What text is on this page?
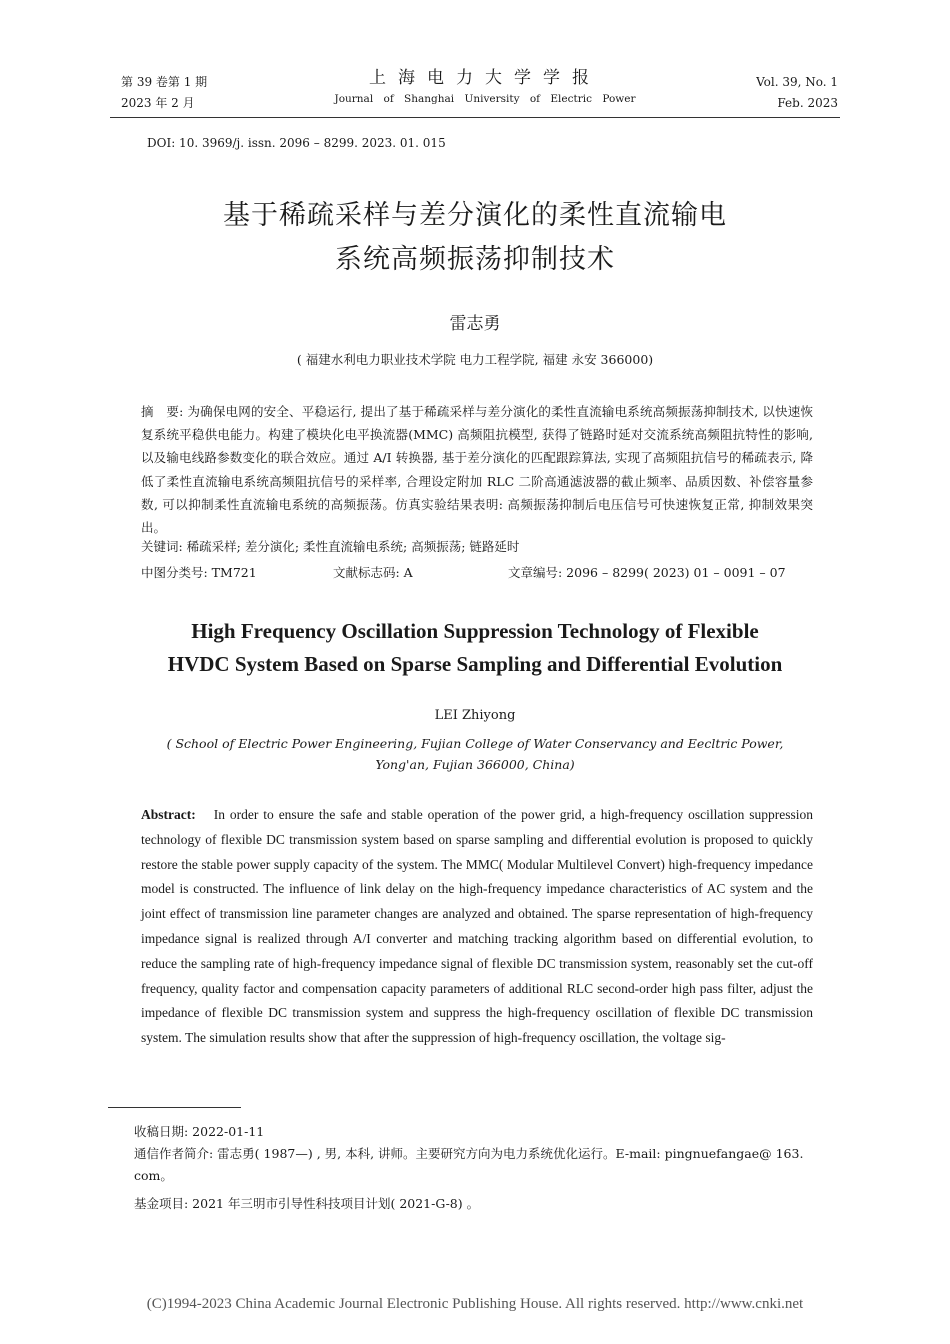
第 39 卷第 1 期
2023 年 2 月
上海电力大学学报
Journal of Shanghai University of Electric Power
Vol. 39, No. 1
Feb. 2023
DOI: 10. 3969/j. issn. 2096 – 8299. 2023. 01. 015
基于稀疏采样与差分演化的柔性直流输电
系统高频振荡抑制技术
雷志勇
( 福建水利电力职业技术学院 电力工程学院, 福建 永安 366000)
摘　要: 为确保电网的安全、平稳运行, 提出了基于稀疏采样与差分演化的柔性直流输电系统高频振荡抑制技术, 以快速恢复系统平稳供电能力。构建了模块化电平换流器(MMC) 高频阻抗模型, 获得了链路时延对交流系统高频阻抗特性的影响, 以及输电线路参数变化的联合效应。通过 A/I 转换器, 基于差分演化的匹配跟踪算法, 实现了高频阻抗信号的稀疏表示, 降低了柔性直流输电系统高频阻抗信号的采样率, 合理设定附加 RLC 二阶高通滤波器的截止频率、品质因数、补偿容量参数, 可以抑制柔性直流输电系统的高频振荡。仿真实验结果表明: 高频振荡抑制后电压信号可快速恢复正常, 抑制效果突出。
关键词: 稀疏采样; 差分演化; 柔性直流输电系统; 高频振荡; 链路延时
中图分类号: TM721	文献标志码: A	文章编号: 2096 – 8299( 2023) 01 – 0091 – 07
High Frequency Oscillation Suppression Technology of Flexible
HVDC System Based on Sparse Sampling and Differential Evolution
LEI Zhiyong
( School of Electric Power Engineering, Fujian College of Water Conservancy and Eecltric Power,
Yong'an, Fujian 366000, China)
Abstract: In order to ensure the safe and stable operation of the power grid, a high-frequency oscillation suppression technology of flexible DC transmission system based on sparse sampling and differential evolution is proposed to quickly restore the stable power supply capacity of the system. The MMC( Modular Multilevel Convert) high-frequency impedance model is constructed. The influence of link delay on the high-frequency impedance characteristics of AC system and the joint effect of transmission line parameter changes are analyzed and obtained. The sparse representation of high-frequency impedance signal is realized through A/I converter and matching tracking algorithm based on differential evolution, to reduce the sampling rate of high-frequency impedance signal of flexible DC transmission system, reasonably set the cut-off frequency, quality factor and compensation capacity parameters of additional RLC second-order high pass filter, adjust the impedance of flexible DC transmission system and suppress the high-frequency oscillation of flexible DC transmission system. The simulation results show that after the suppression of high-frequency oscillation, the voltage sig-
收稿日期: 2022-01-11
通信作者简介: 雷志勇( 1987—) , 男, 本科, 讲师。主要研究方向为电力系统优化运行。E-mail: pingnuefangae@ 163. com。
基金项目: 2021 年三明市引导性科技项目计划( 2021-G-8) 。
(C)1994-2023 China Academic Journal Electronic Publishing House. All rights reserved. http://www.cnki.net
